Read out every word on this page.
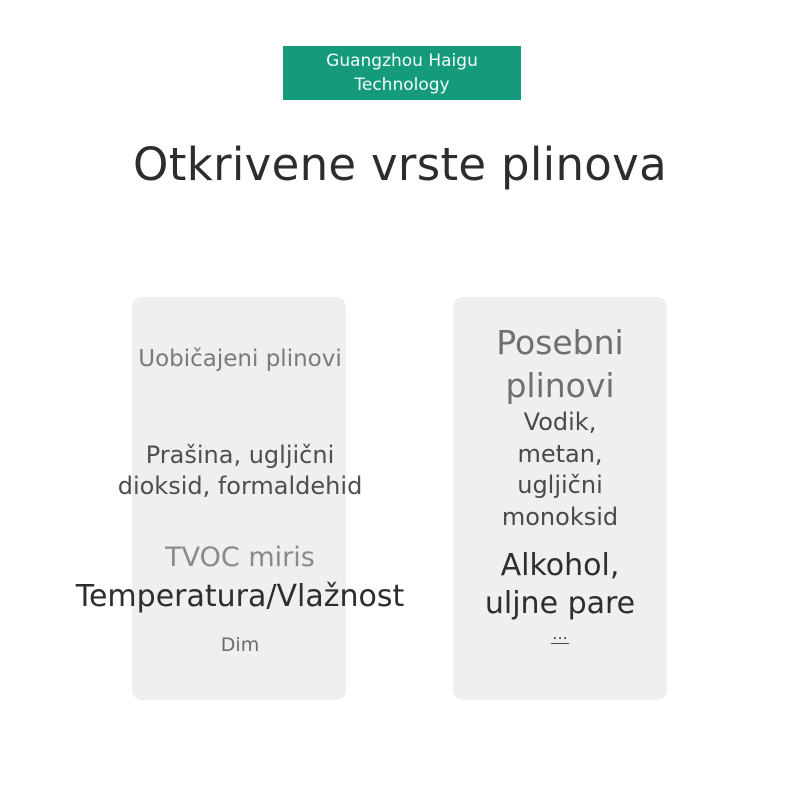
Guangzhou Haigu
Technology
Otkrivene vrste plinova
Uobičajeni plinovi
Prašina, ugljični
dioksid, formaldehid
TVOC miris
Temperatura/Vlažnost
Dim
Posebni
plinovi
Vodik,
metan,
ugljični
monoksid
Alkohol,
uljne pare
...
